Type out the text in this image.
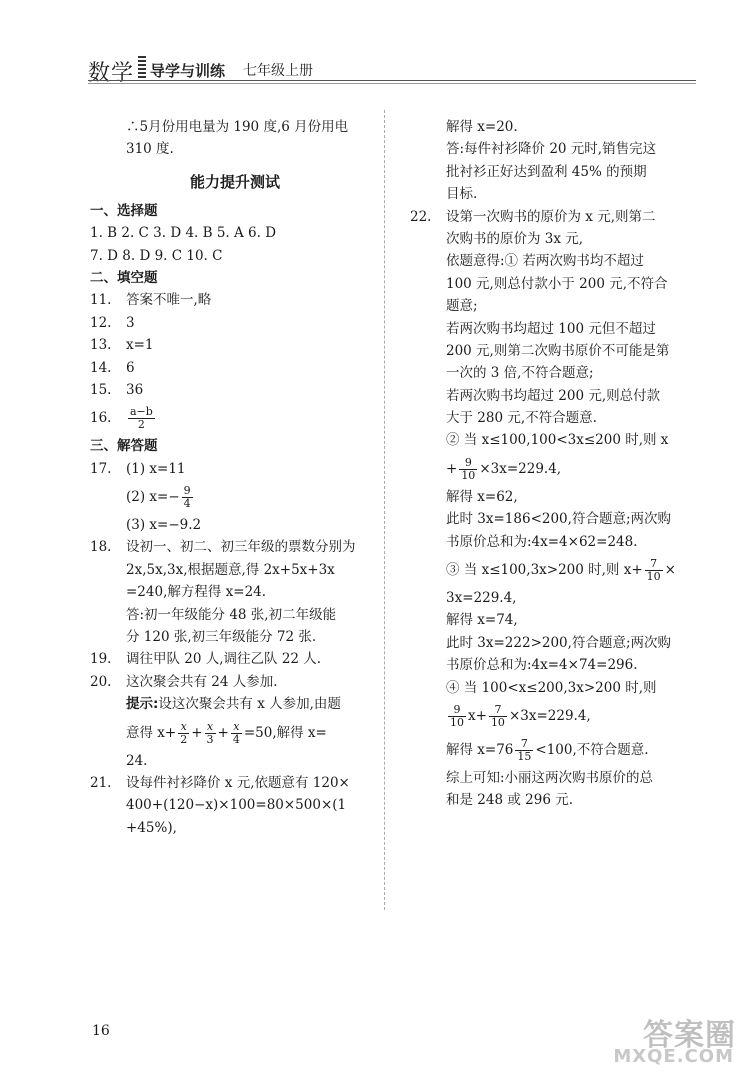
数学 导学与训练 七年级上册
∴5月份用电量为 190 度,6 月份用电
310 度.
能力提升测试
一、选择题
1. B 2. C 3. D 4. B 5. A 6. D
7. D 8. D 9. C 10. C
二、填空题
11. 答案不唯一,略
12. 3
13. x=1
14. 6
15. 36
16. $\frac{a-b}{2}$
三、解答题
17. (1) x=11
(2) $x=- \frac{9}{4}$
(3) x=−9.2
18. 设初一、初二、初三年级的票数分别为
2x,5x,3x,根据题意,得 2x+5x+3x
=240,解方程得 x=24.
答:初一年级能分 48 张,初二年级能
分 120 张,初三年级能分 72 张.
19. 调往甲队 20 人,调往乙队 22 人.
20. 这次聚会共有 24 人参加.
提示:设这次聚会共有 x 人参加,由题
意得 $x+ \frac{x}{2} + \frac{x}{3} + \frac{x}{4} =50$,解得 x=
24.
21. 设每件衬衫降价 x 元,依题意有 120×
400+(120−x)×100=80×500×(1
+45%),
解得 x=20.
答:每件衬衫降价 20 元时,销售完这
批衬衫正好达到盈利 45% 的预期
目标.
22. 设第一次购书的原价为 x 元,则第二
次购书的原价为 3x 元,
依题意得:① 若两次购书均不超过
100 元,则总付款小于 200 元,不符合
题意;
若两次购书均超过 100 元但不超过
200 元,则第二次购书原价不可能是第
一次的 3 倍,不符合题意;
若两次购书均超过 200 元,则总付款
大于 280 元,不符合题意.
② 当 x≤100,100<3x≤200 时,则 x
+ $\frac{9}{10} \times 3x=229.4$,
解得 x=62,
此时 3x=186<200,符合题意;两次购
书原价总和为:4x=4×62=248.
③ 当 x≤100,3x>200 时,则 $x+ \frac{7}{10}$ ×
3x=229.4,
解得 x=74,
此时 3x=222>200,符合题意;两次购
书原价总和为:4x=4×74=296.
④ 当 100<x≤200,3x>200 时,则
$\frac{9}{10} x+ \frac{7}{10} \times 3x=229.4$,
解得 $x=76 \frac{7}{15} <100$,不符合题意.
综上可知:小丽这两次购书原价的总
和是 248 或 296 元.
16	答案圈
MXQE.COM
